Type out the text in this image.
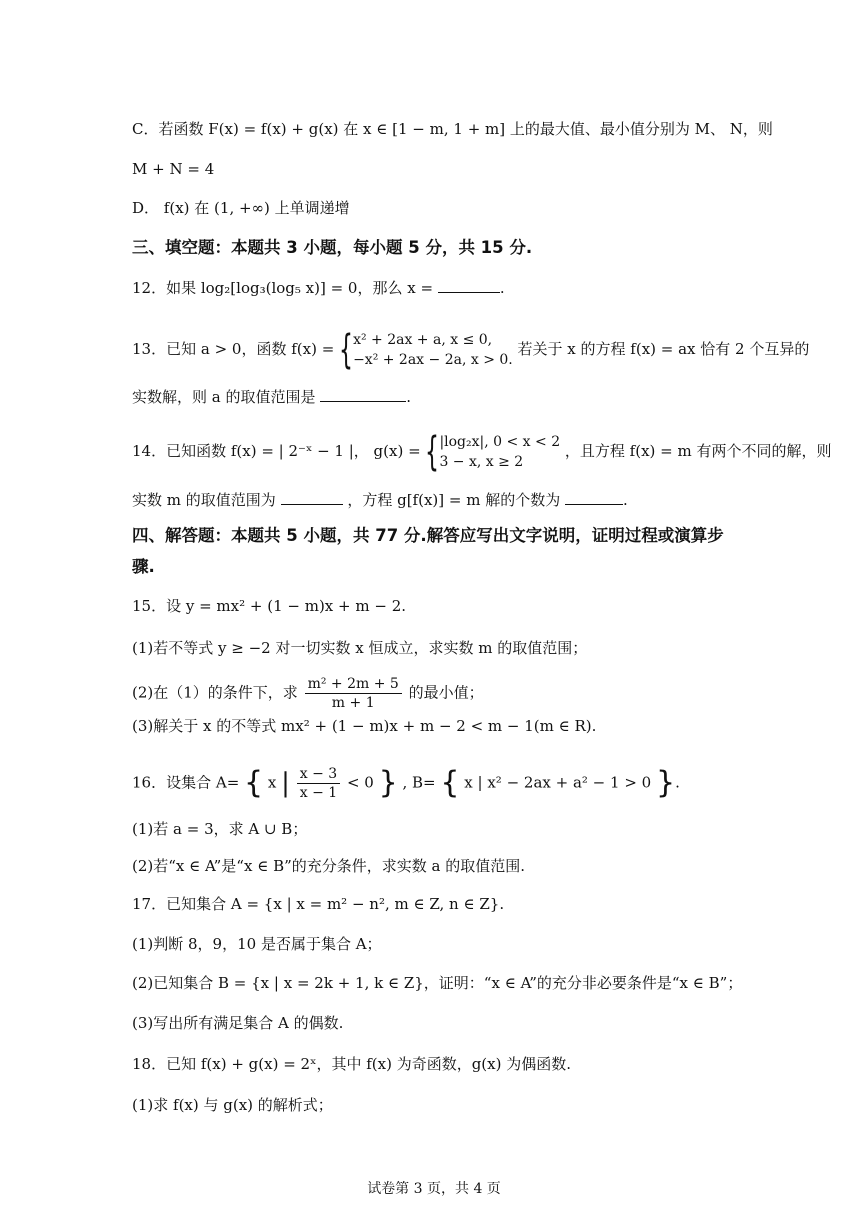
C．若函数 F(x) = f(x) + g(x) 在 x ∈ [1 − m, 1 + m] 上的最大值、最小值分别为 M、 N，则
M + N = 4
D． f(x) 在 (1, +∞) 上单调递增
三、填空题：本题共 3 小题，每小题 5 分，共 15 分.
12．如果 log₂[log₃(log₅ x)] = 0，那么 x =	.
13．已知 a > 0，函数 f(x) = { x² + 2ax + a, x ≤ 0,
−x² + 2ax − 2a, x > 0.
若关于 x 的方程 f(x) = ax 恰有 2 个互异的
实数解，则 a 的取值范围是	.
14．已知函数 f(x) = | 2⁻ˣ − 1 |， g(x) = { |log₂x|, 0 < x < 2
3 − x, x ≥ 2
，且方程 f(x) = m 有两个不同的解，则
实数 m 的取值范围为	，方程 g[f(x)] = m 解的个数为	.
四、解答题：本题共 5 小题，共 77 分.解答应写出文字说明，证明过程或演算步
骤.
15．设 y = mx² + (1 − m)x + m − 2.
(1)若不等式 y ≥ −2 对一切实数 x 恒成立，求实数 m 的取值范围；
(2)在（1）的条件下，求 $\frac{\text{m² + 2m + 5}}{m + 1}$ 的最小值；
(3)解关于 x 的不等式 mx² + (1 − m)x + m − 2 < m − 1(m ∈ R).
16．设集合 A= { x | $\frac{x - 3}{x - 1} < 0$ } , B= { x | x² − 2ax + a² − 1 > 0 }.
(1)若 a = 3，求 A ∪ B；
(2)若“x ∈ A”是“x ∈ B”的充分条件，求实数 a 的取值范围.
17．已知集合 A = {x | x = m² − n², m ∈ Z, n ∈ Z}.
(1)判断 8，9，10 是否属于集合 A；
(2)已知集合 B = {x | x = 2k + 1, k ∈ Z}，证明：“x ∈ A”的充分非必要条件是“x ∈ B”；
(3)写出所有满足集合 A 的偶数.
18．已知 f(x) + g(x) = 2ˣ，其中 f(x) 为奇函数，g(x) 为偶函数.
(1)求 f(x) 与 g(x) 的解析式；
试卷第 3 页，共 4 页
